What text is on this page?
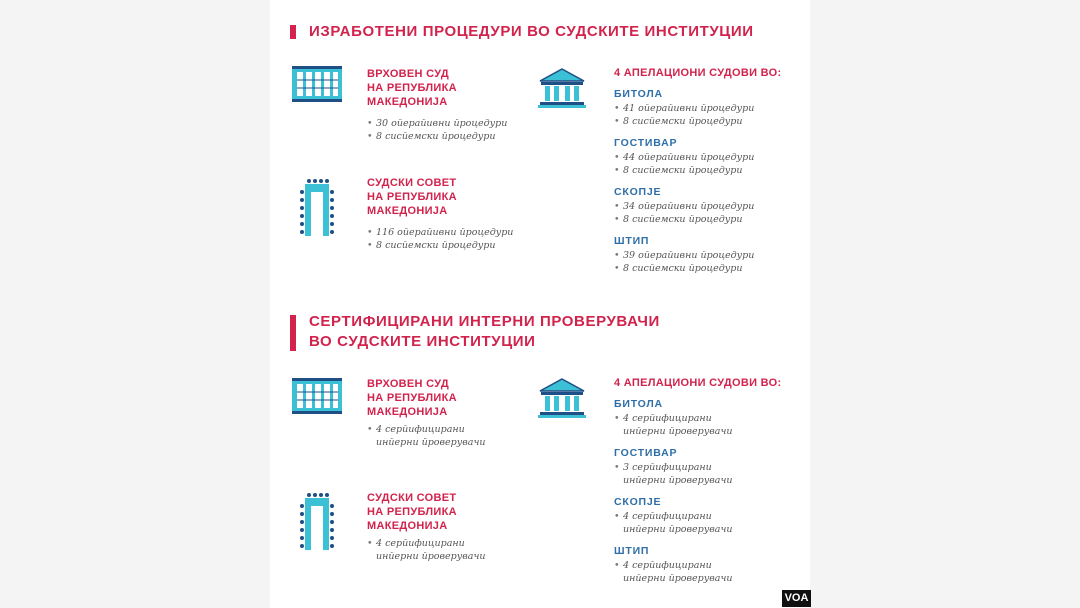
ИЗРАБОТЕНИ ПРОЦЕДУРИ ВО СУДСКИТЕ ИНСТИТУЦИИ
ВРХОВЕН СУД
НА РЕПУБЛИКА
МАКЕДОНИЈА
• 30 ойерайивни йроцедури
• 8 сисйемски йроцедури
СУДСКИ СОВЕТ
НА РЕПУБЛИКА
МАКЕДОНИЈА
• 116 ойерайивни йроцедури
• 8 сисйемски йроцедури
4 АПЕЛАЦИОНИ СУДОВИ ВО:
БИТОЛА
• 41 ойерайивни йроцедури
• 8 сисйемски йроцедури
ГОСТИВАР
• 44 ойерайивни йроцедури
• 8 сисйемски йроцедури
СКОПЈЕ
• 34 ойерайивни йроцедури
• 8 сисйемски йроцедури
ШТИП
• 39 ойерайивни йроцедури
• 8 сисйемски йроцедури
СЕРТИФИЦИРАНИ ИНТЕРНИ ПРОВЕРУВАЧИ
ВО СУДСКИТЕ ИНСТИТУЦИИ
ВРХОВЕН СУД
НА РЕПУБЛИКА
МАКЕДОНИЈА
• 4 серйифицирани
инйерни йроверувачи
СУДСКИ СОВЕТ
НА РЕПУБЛИКА
МАКЕДОНИЈА
• 4 серйифицирани
инйерни йроверувачи
4 АПЕЛАЦИОНИ СУДОВИ ВО:
БИТОЛА
• 4 серйифицирани
инйерни йроверувачи
ГОСТИВАР
• 3 серйифицирани
инйерни йроверувачи
СКОПЈЕ
• 4 серйифицирани
инйерни йроверувачи
ШТИП
• 4 серйифицирани
инйерни йроверувачи
VOA
